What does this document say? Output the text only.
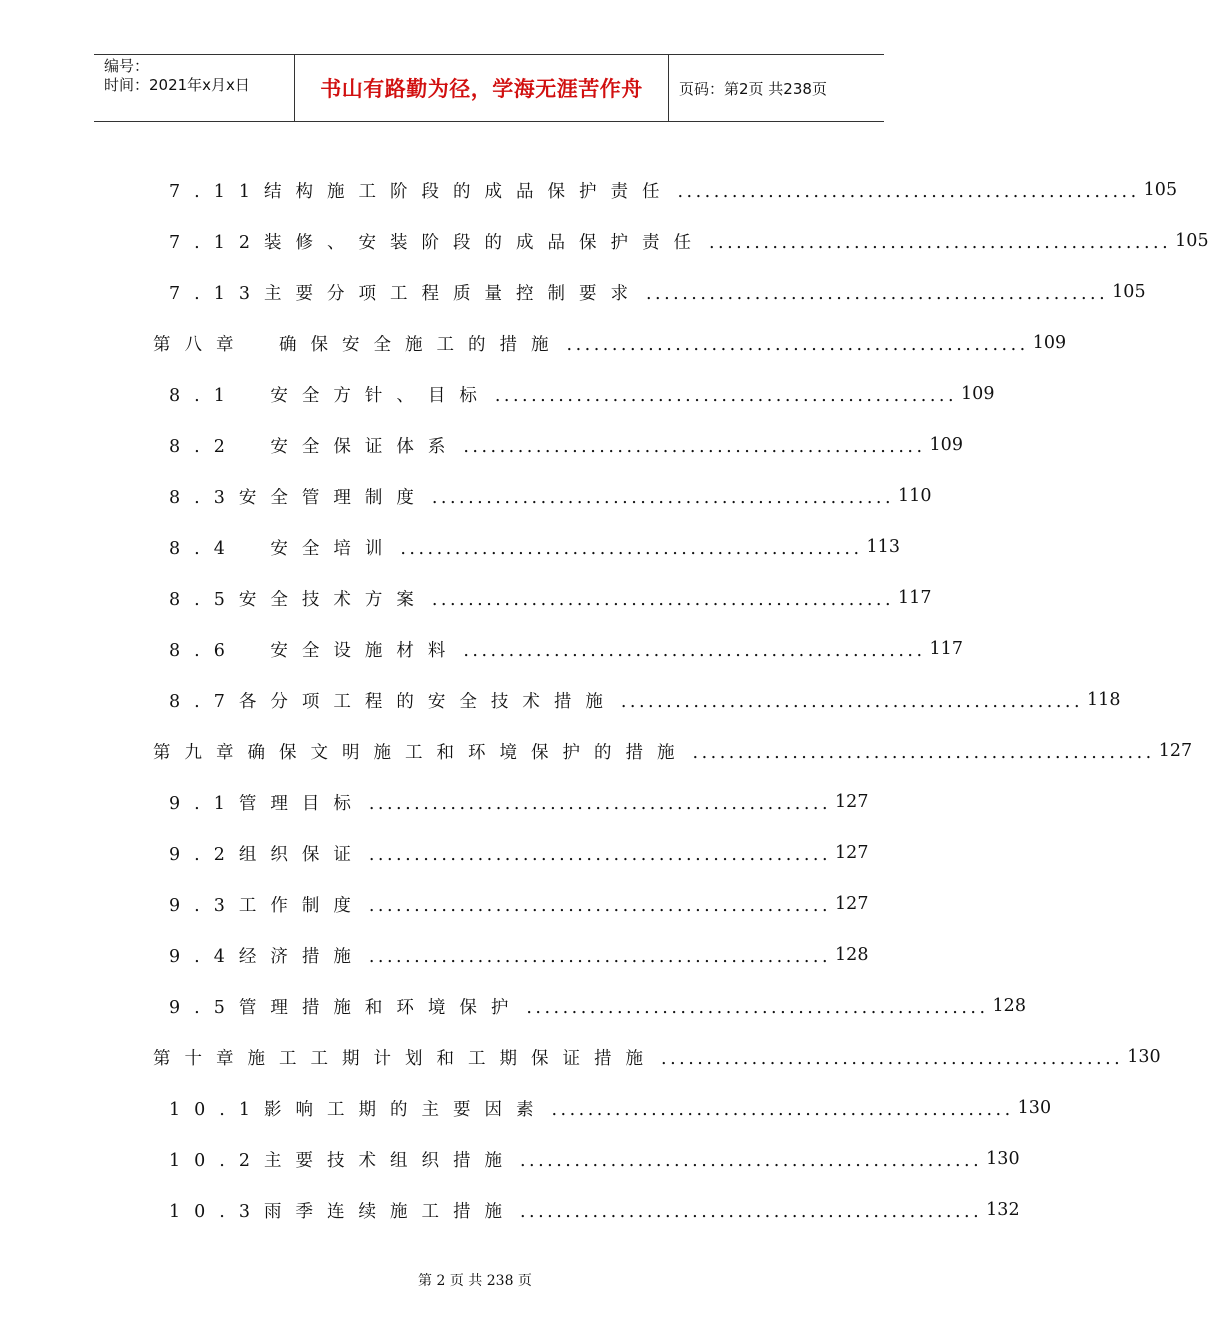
编号：
时间：2021年x月x日	书山有路勤为径，学海无涯苦作舟	页码：第2页 共238页
7.11结构施工阶段的成品保护责任 ................................................... 105
7.12装修、安装阶段的成品保护责任 ................................................... 105
7.13主要分项工程质量控制要求 ................................................... 105
第八章　确保安全施工的措施 ................................................... 109
8.1　安全方针、目标 ................................................... 109
8.2　安全保证体系 ................................................... 109
8.3安全管理制度 ................................................... 110
8.4　安全培训 ................................................... 113
8.5安全技术方案 ................................................... 117
8.6　安全设施材料 ................................................... 117
8.7各分项工程的安全技术措施 ................................................... 118
第九章确保文明施工和环境保护的措施 ................................................... 127
9.1管理目标 ................................................... 127
9.2组织保证 ................................................... 127
9.3工作制度 ................................................... 127
9.4经济措施 ................................................... 128
9.5管理措施和环境保护 ................................................... 128
第十章施工工期计划和工期保证措施 ................................................... 130
10.1影响工期的主要因素 ................................................... 130
10.2主要技术组织措施 ................................................... 130
10.3雨季连续施工措施 ................................................... 132
第 2 页 共 238 页
